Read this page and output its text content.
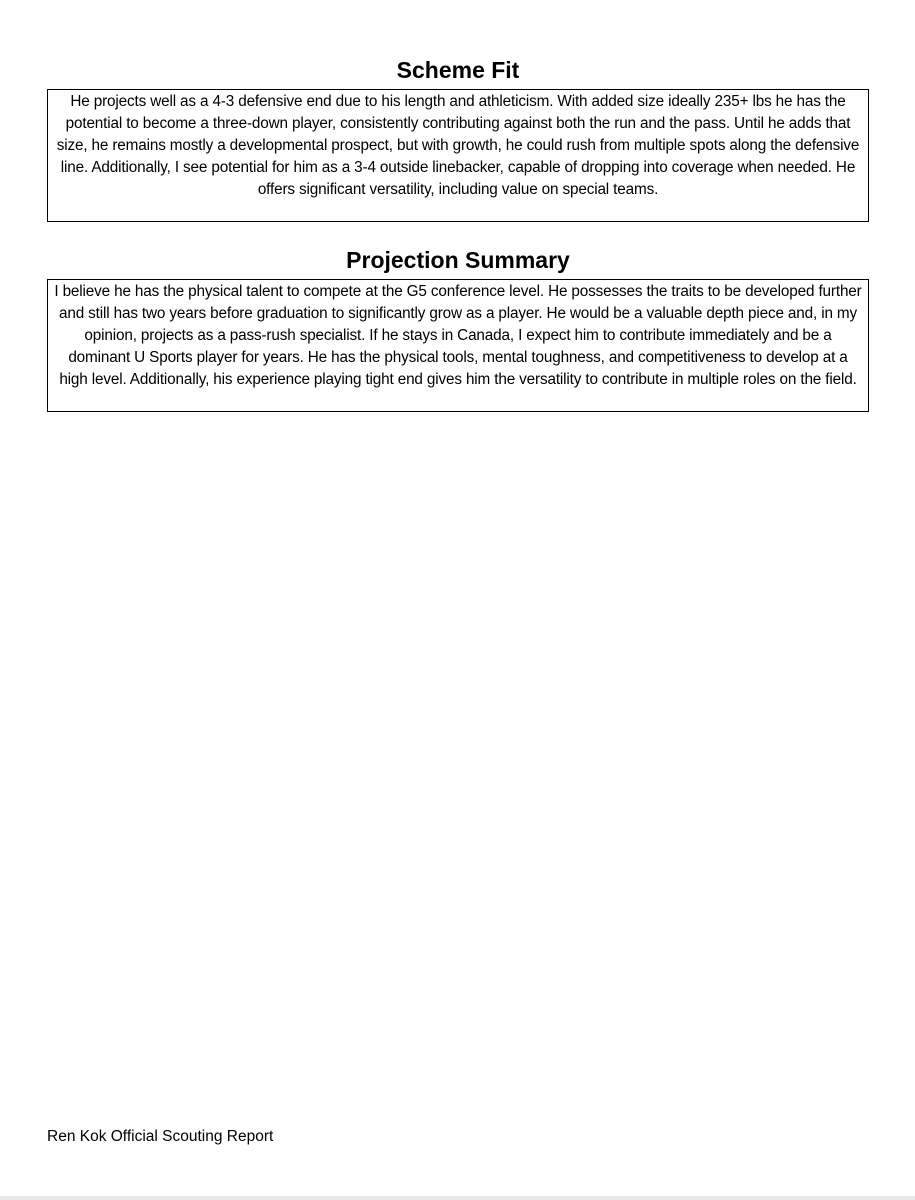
Scheme Fit

He projects well as a 4-3 defensive end due to his length and athleticism. With added size ideally 235+ lbs he has the potential to become a three-down player, consistently contributing against both the run and the pass. Until he adds that size, he remains mostly a developmental prospect, but with growth, he could rush from multiple spots along the defensive line. Additionally, I see potential for him as a 3-4 outside linebacker, capable of dropping into coverage when needed. He offers significant versatility, including value on special teams.

Projection Summary

I believe he has the physical talent to compete at the G5 conference level. He possesses the traits to be developed further and still has two years before graduation to significantly grow as a player. He would be a valuable depth piece and, in my opinion, projects as a pass-rush specialist. If he stays in Canada, I expect him to contribute immediately and be a dominant U Sports player for years. He has the physical tools, mental toughness, and competitiveness to develop at a high level. Additionally, his experience playing tight end gives him the versatility to contribute in multiple roles on the field.

Ren Kok Official Scouting Report
